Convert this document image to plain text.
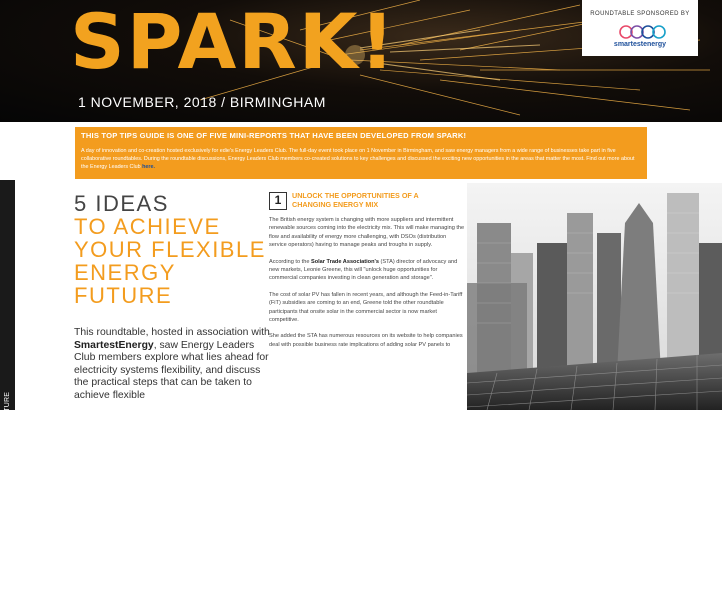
SPARK!
1 NOVEMBER, 2018 / BIRMINGHAM
ROUNDTABLE SPONSORED BY
smartestenergy
THIS TOP TIPS GUIDE IS ONE OF FIVE MINI-REPORTS THAT HAVE BEEN DEVELOPED FROM SPARK!
A day of innovation and co-creation hosted exclusively for edie's Energy Leaders Club. The full-day event took place on 1 November in Birmingham, and saw energy managers from a wide range of businesses take part in five collaborative roundtables. During the roundtable discussions, Energy Leaders Club members co-created solutions to key challenges and discussed the exciting new opportunities in the areas that matter the most. Find out more about the Energy Leaders Club here.
5 IDEAS TO ACHIEVE YOUR FLEXIBLE ENERGY FUTURE
5 IDEAS
TO ACHIEVE YOUR FLEXIBLE ENERGY FUTURE
This roundtable, hosted in association with SmartestEnergy, saw Energy Leaders Club members explore what lies ahead for electricity systems flexibility, and discuss the practical steps that can be taken to achieve flexible
1	UNLOCK THE OPPORTUNITIES OF A CHANGING ENERGY MIX

The British energy system is changing with more suppliers and intermittent renewable sources coming into the electricity mix. This will make managing the flow and availability of energy more challenging, with DSOs (distribution service operators) having to manage peaks and troughs in supply.

According to the Solar Trade Association's (STA) director of advocacy and new markets, Leonie Greene, this will "unlock huge opportunities for commercial companies investing in clean generation and storage".

The cost of solar PV has fallen in recent years, and although the Feed-in-Tariff (FiT) subsidies are coming to an end, Greene told the other roundtable participants that onsite solar in the commercial sector is now market competitive.

She added the STA has numerous resources on its website to help companies deal with possible business rate implications of adding solar PV panels to
